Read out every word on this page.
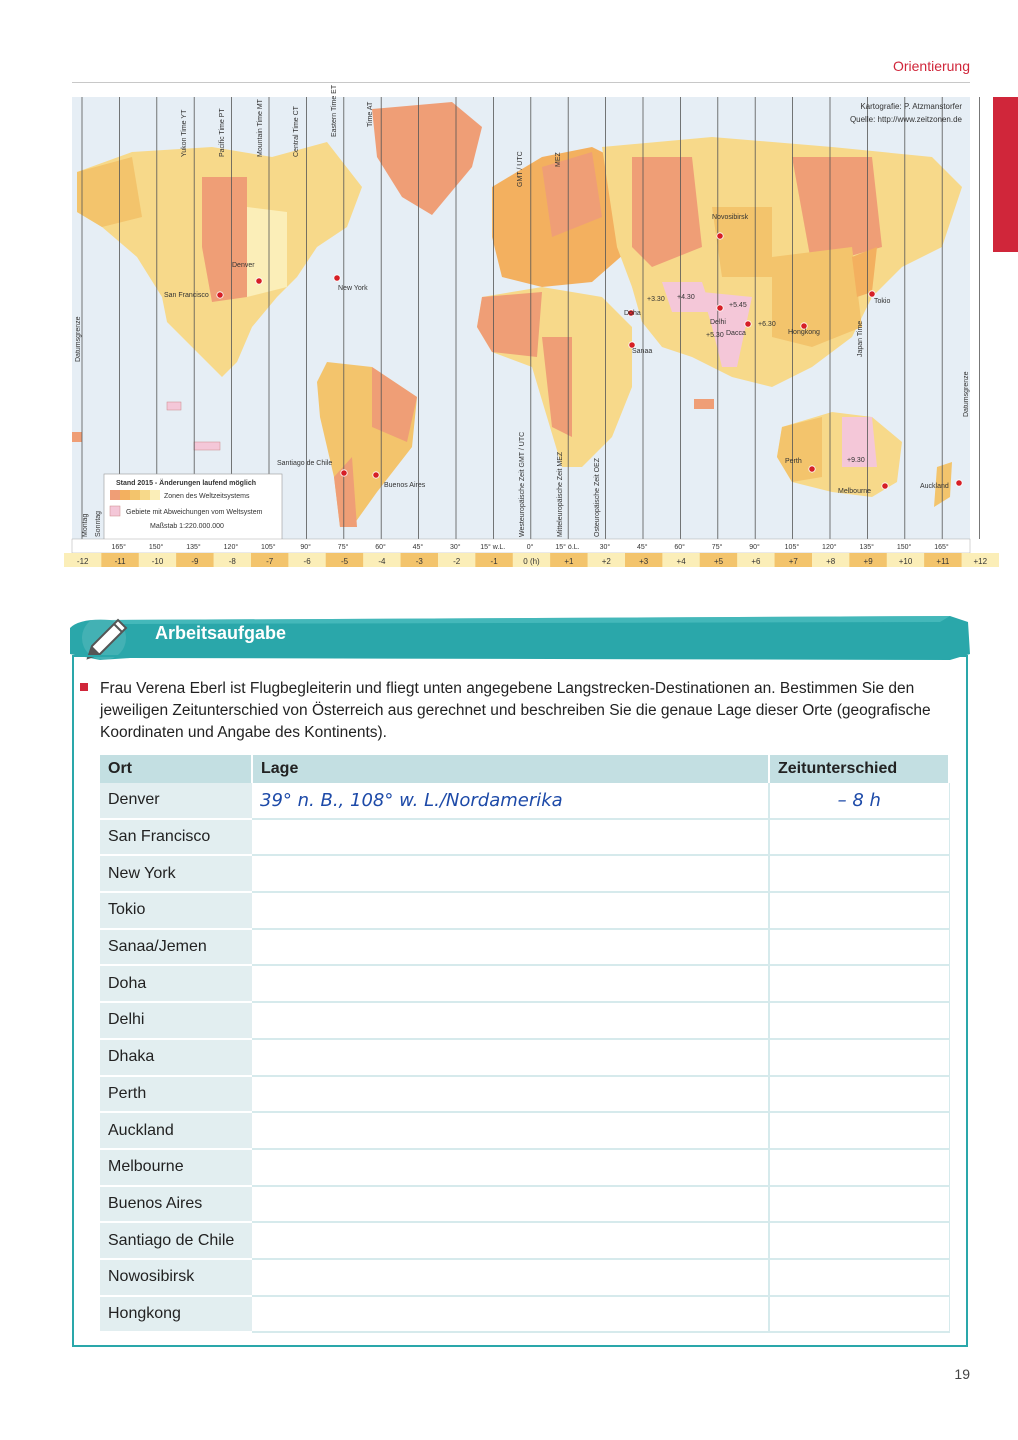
Orientierung
Kartografie: P. Atzmanstorfer
Quelle: http://www.zeitzonen.de
Yukon Time YT	Pacific Time PT	Mountain Time MT	Central Time CT	Eastern Time ET	Time AT
GMT / UTC	MEZ
Japan Time
Westeuropäische Zeit GMT / UTC	Mitteleuropäische Zeit MEZ	Osteuropäische Zeit OEZ
Datumsgrenze
Datumsgrenze
Montag Sonntag
Denver
San Francisco
New York
Santiago de Chile
Buenos Aires
Doha
Sanaa
Delhi
Dacca
Novosibirsk
Hongkong
Tokio
Perth
Melbourne
Auckland
+3.30 +4.30
+5.45
+5.30
+6.30
+9.30
Stand 2015 - Änderungen laufend möglich
Zonen des Weltzeitsystems
Gebiete mit Abweichungen vom Weltsystem
Maßstab 1:220.000.000
165°	150°	135°	120°	105°	90°	75°	60°	45°	30°	15° w.L.	0°	15° ö.L.	30°	45°	60°	75°	90°	105°	120°	135°	150°	165°
-12	-11	-10	-9	-8	-7	-6	-5	-4	-3	-2	-1	0 (h)	+1	+2	+3	+4	+5	+6	+7	+8	+9	+10	+11	+12
Arbeitsaufgabe
Frau Verena Eberl ist Flugbegleiterin und fliegt unten angegebene Langstrecken-Destinationen an. Bestimmen Sie den jeweiligen Zeitunterschied von Österreich aus gerechnet und beschreiben Sie die genaue Lage dieser Orte (geografische Koordinaten und Angabe des Kontinents).
Ort	Lage	Zeitunterschied
Denver	39° n. B., 108° w. L./Nordamerika	– 8 h
San Francisco		
New York		
Tokio		
Sanaa/Jemen		
Doha		
Delhi		
Dhaka		
Perth		
Auckland		
Melbourne		
Buenos Aires		
Santiago de Chile		
Nowosibirsk		
Hongkong		
19
